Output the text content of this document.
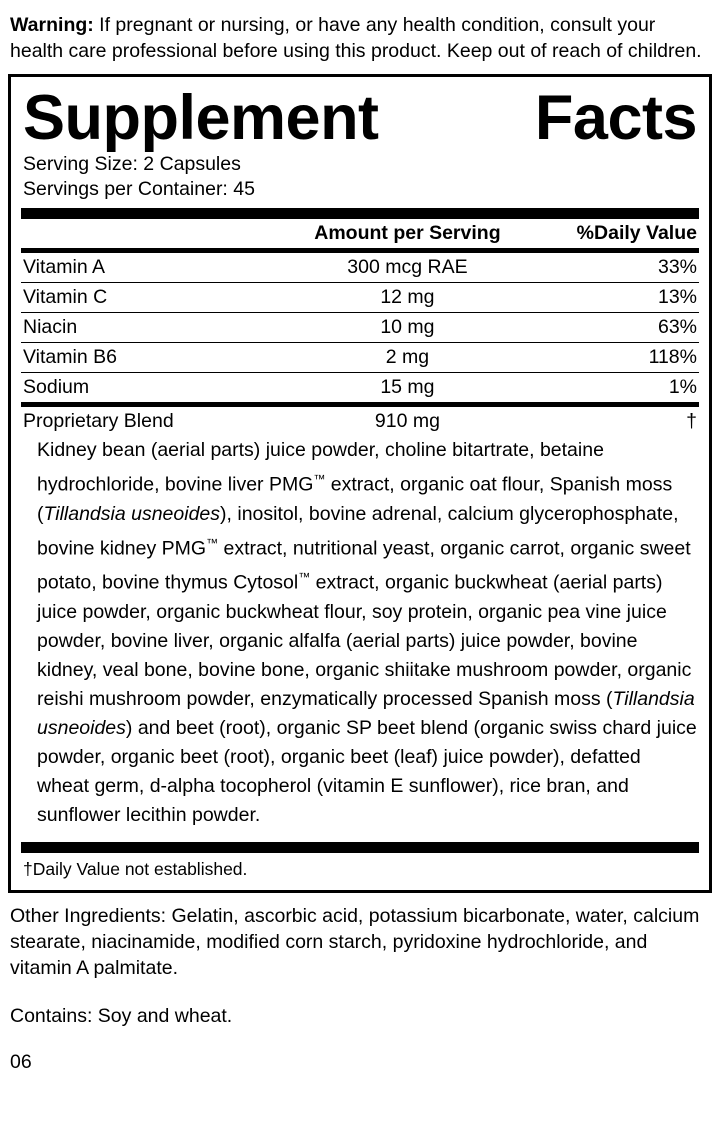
Warning: If pregnant or nursing, or have any health condition, consult your health care professional before using this product. Keep out of reach of children.

Supplement Facts
Serving Size: 2 Capsules
Servings per Container: 45
	Amount per Serving	%Daily Value
Vitamin A	300 mcg RAE	33%
Vitamin C	12 mg	13%
Niacin	10 mg	63%
Vitamin B6	2 mg	118%
Sodium	15 mg	1%
Proprietary Blend	910 mg	†
Kidney bean (aerial parts) juice powder, choline bitartrate, betaine hydrochloride, bovine liver PMG™ extract, organic oat flour, Spanish moss (Tillandsia usneoides), inositol, bovine adrenal, calcium glycerophosphate, bovine kidney PMG™ extract, nutritional yeast, organic carrot, organic sweet potato, bovine thymus Cytosol™ extract, organic buckwheat (aerial parts) juice powder, organic buckwheat flour, soy protein, organic pea vine juice powder, bovine liver, organic alfalfa (aerial parts) juice powder, bovine kidney, veal bone, bovine bone, organic shiitake mushroom powder, organic reishi mushroom powder, enzymatically processed Spanish moss (Tillandsia usneoides) and beet (root), organic SP beet blend (organic swiss chard juice powder, organic beet (root), organic beet (leaf) juice powder), defatted wheat germ, d-alpha tocopherol (vitamin E sunflower), rice bran, and sunflower lecithin powder.
†Daily Value not established.

Other Ingredients: Gelatin, ascorbic acid, potassium bicarbonate, water, calcium stearate, niacinamide, modified corn starch, pyridoxine hydrochloride, and vitamin A palmitate.

Contains: Soy and wheat.

06
